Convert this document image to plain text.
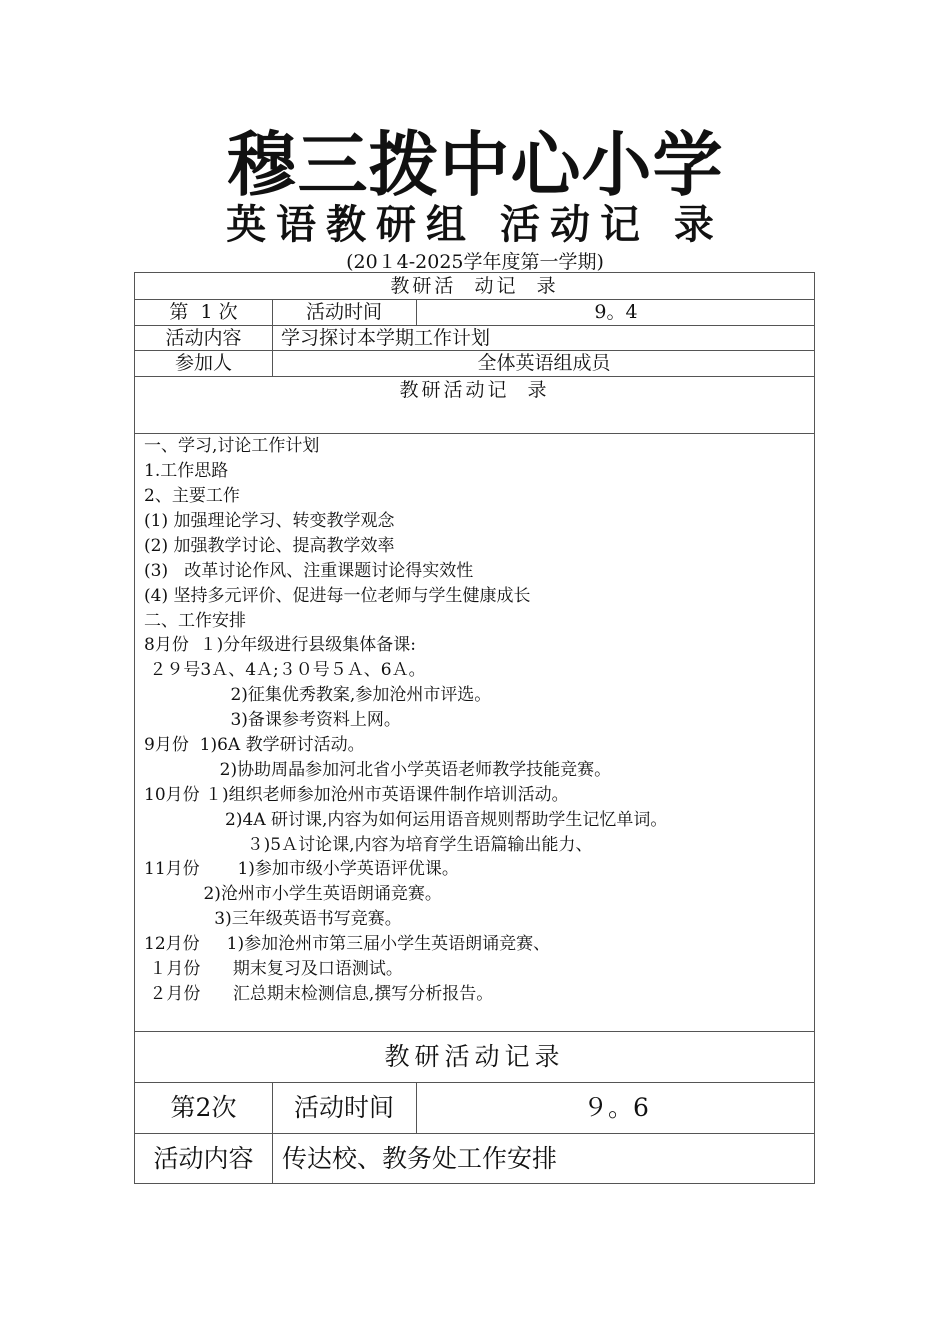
穆三拨中心小学
英语教研组 活动记 录
(20１4-2025学年度第一学期)
教研活  动记  录
第  1 次	活动时间	9。4
活动内容	学习探讨本学期工作计划
参加人	全体英语组成员
教研活动记  录
一、学习,讨论工作计划
1.工作思路
2、主要工作
(1) 加强理论学习、转变教学观念
(2) 加强教学讨论、提高教学效率
(3)   改革讨论作风、注重课题讨论得实效性
(4) 坚持多元评价、促进每一位老师与学生健康成长
二、工作安排
8月份  １)分年级进行县级集体备课:
２９号3Ａ、4Ａ;３０号５Ａ、6Ａ。
2)征集优秀教案,参加沧州市评选。
3)备课参考资料上网。
9月份  1)6A 教学研讨活动。
2)协助周晶参加河北省小学英语老师教学技能竞赛。
10月份 １)组织老师参加沧州市英语课件制作培训活动。
2)4A 研讨课,内容为如何运用语音规则帮助学生记忆单词。
３)5Ａ讨论课,内容为培育学生语篇输出能力、
11月份       1)参加市级小学英语评优课。
2)沧州市小学生英语朗诵竞赛。
3)三年级英语书写竞赛。
12月份     1)参加沧州市第三届小学生英语朗诵竞赛、
１月份      期末复习及口语测试。
２月份      汇总期末检测信息,撰写分析报告。
教研活动记录
第2次	活动时间	９。6
活动内容	传达校、教务处工作安排
